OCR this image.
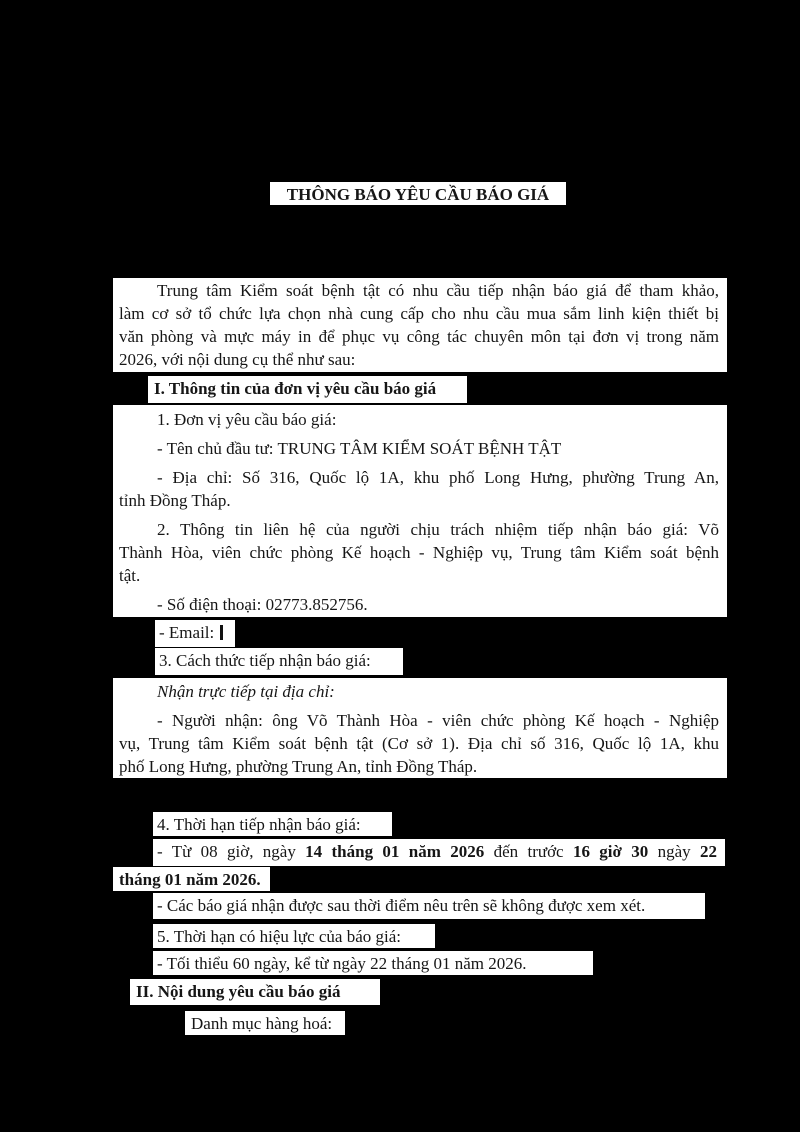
THÔNG BÁO YÊU CẦU BÁO GIÁ
Trung tâm Kiểm soát bệnh tật có nhu cầu tiếp nhận báo giá để tham khảo,
làm cơ sở tổ chức lựa chọn nhà cung cấp cho nhu cầu mua sắm linh kiện thiết bị
văn phòng và mực máy in để phục vụ công tác chuyên môn tại đơn vị trong năm
2026, với nội dung cụ thể như sau:
I. Thông tin của đơn vị yêu cầu báo giá
1. Đơn vị yêu cầu báo giá:
- Tên chủ đầu tư: TRUNG TÂM KIỂM SOÁT BỆNH TẬT
- Địa chỉ: Số 316, Quốc lộ 1A, khu phố Long Hưng, phường Trung An,
tỉnh Đồng Tháp.
2. Thông tin liên hệ của người chịu trách nhiệm tiếp nhận báo giá: Võ
Thành Hòa, viên chức phòng Kế hoạch - Nghiệp vụ, Trung tâm Kiểm soát bệnh
tật.
- Số điện thoại: 02773.852756.
- Email:
3. Cách thức tiếp nhận báo giá:
Nhận trực tiếp tại địa chỉ:
- Người nhận: ông Võ Thành Hòa - viên chức phòng Kế hoạch - Nghiệp
vụ, Trung tâm Kiểm soát bệnh tật (Cơ sở 1). Địa chỉ số 316, Quốc lộ 1A, khu
phố Long Hưng, phường Trung An, tỉnh Đồng Tháp.
4. Thời hạn tiếp nhận báo giá:
- Từ 08 giờ, ngày 14 tháng 01 năm 2026 đến trước 16 giờ 30 ngày 22
tháng 01 năm 2026.
- Các báo giá nhận được sau thời điểm nêu trên sẽ không được xem xét.
5. Thời hạn có hiệu lực của báo giá:
- Tối thiểu 60 ngày, kể từ ngày 22 tháng 01 năm 2026.
II. Nội dung yêu cầu báo giá
Danh mục hàng hoá:
